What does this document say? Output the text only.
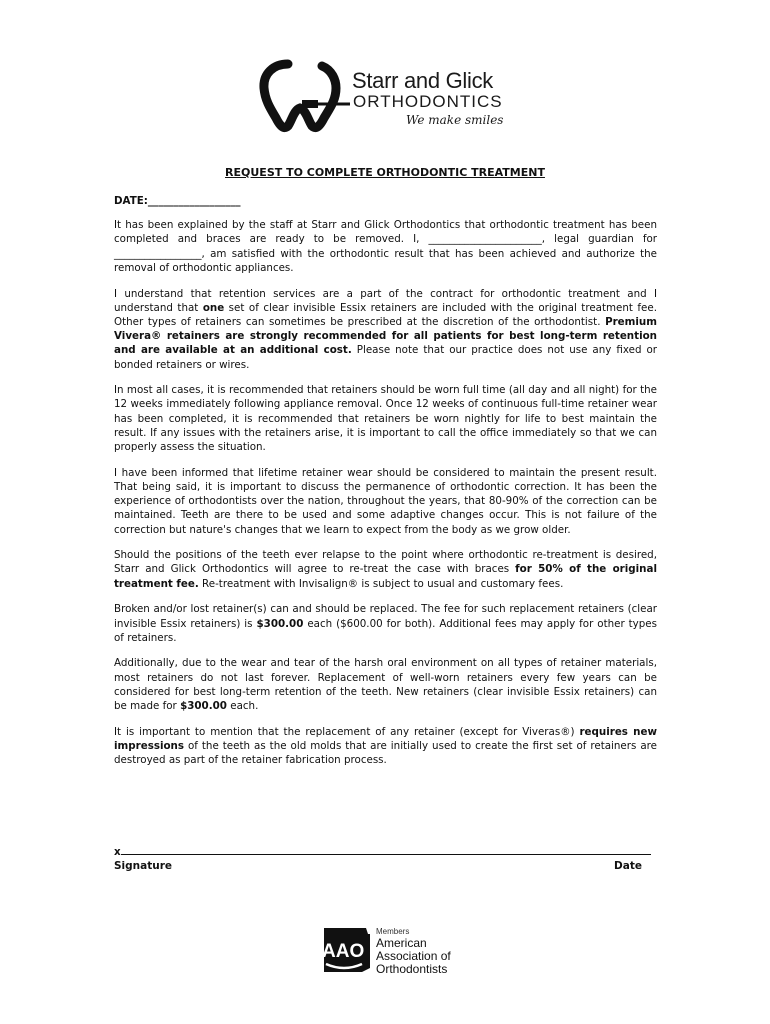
Starr and Glick
ORTHODONTICS
We make smiles
REQUEST TO COMPLETE ORTHODONTIC TREATMENT

DATE:__________________

It has been explained by the staff at Starr and Glick Orthodontics that orthodontic treatment has been completed and braces are ready to be removed. I, ______________________, legal guardian for _________________, am satisfied with the orthodontic result that has been achieved and authorize the removal of orthodontic appliances.

I understand that retention services are a part of the contract for orthodontic treatment and I understand that one set of clear invisible Essix retainers are included with the original treatment fee. Other types of retainers can sometimes be prescribed at the discretion of the orthodontist. Premium Vivera® retainers are strongly recommended for all patients for best long-term retention and are available at an additional cost. Please note that our practice does not use any fixed or bonded retainers or wires.

In most all cases, it is recommended that retainers should be worn full time (all day and all night) for the 12 weeks immediately following appliance removal. Once 12 weeks of continuous full-time retainer wear has been completed, it is recommended that retainers be worn nightly for life to best maintain the result. If any issues with the retainers arise, it is important to call the office immediately so that we can properly assess the situation.

I have been informed that lifetime retainer wear should be considered to maintain the present result. That being said, it is important to discuss the permanence of orthodontic correction. It has been the experience of orthodontists over the nation, throughout the years, that 80-90% of the correction can be maintained. Teeth are there to be used and some adaptive changes occur. This is not failure of the correction but nature's changes that we learn to expect from the body as we grow older.

Should the positions of the teeth ever relapse to the point where orthodontic re-treatment is desired, Starr and Glick Orthodontics will agree to re-treat the case with braces for 50% of the original treatment fee. Re-treatment with Invisalign® is subject to usual and customary fees.

Broken and/or lost retainer(s) can and should be replaced. The fee for such replacement retainers (clear invisible Essix retainers) is $300.00 each ($600.00 for both). Additional fees may apply for other types of retainers.

Additionally, due to the wear and tear of the harsh oral environment on all types of retainer materials, most retainers do not last forever. Replacement of well-worn retainers every few years can be considered for best long-term retention of the teeth. New retainers (clear invisible Essix retainers) can be made for $300.00 each.

It is important to mention that the replacement of any retainer (except for Viveras®) requires new impressions of the teeth as the old molds that are initially used to create the first set of retainers are destroyed as part of the retainer fabrication process.

x
Signature	Date
AAO
Members
American
Association of
Orthodontists
